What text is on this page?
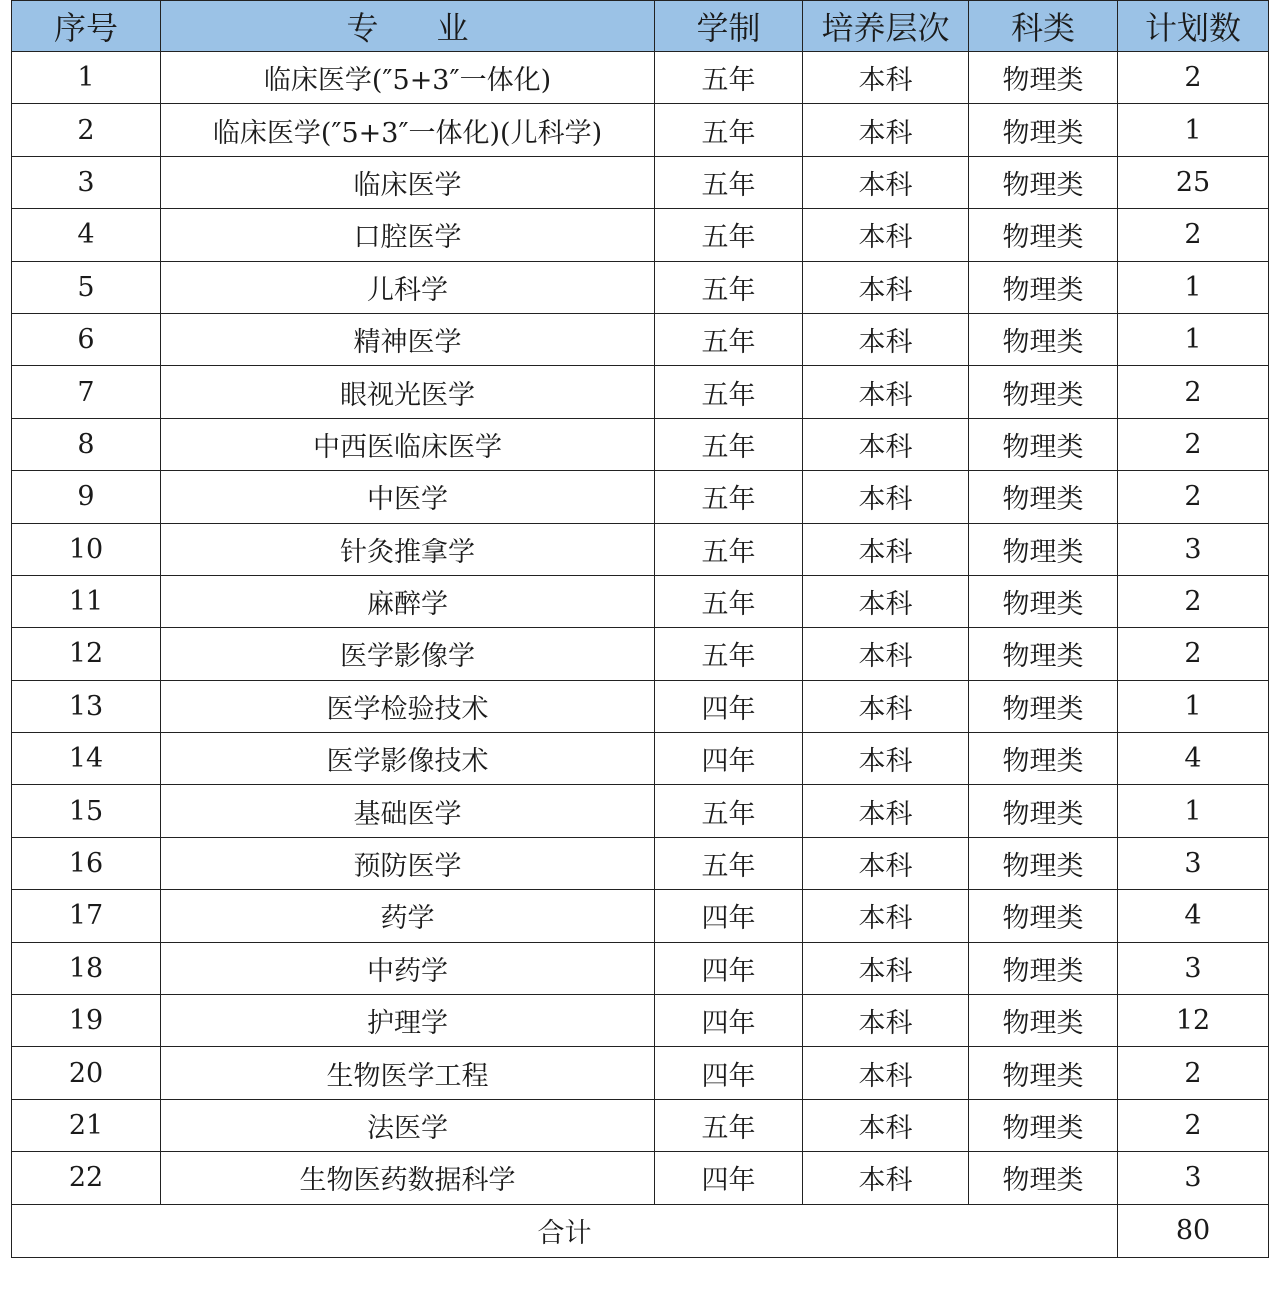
序号	专 业	学制	培养层次	科类	计划数
1	临床医学(″5+3″一体化)	五年	本科	物理类	2
2	临床医学(″5+3″一体化)(儿科学)	五年	本科	物理类	1
3	临床医学	五年	本科	物理类	25
4	口腔医学	五年	本科	物理类	2
5	儿科学	五年	本科	物理类	1
6	精神医学	五年	本科	物理类	1
7	眼视光医学	五年	本科	物理类	2
8	中西医临床医学	五年	本科	物理类	2
9	中医学	五年	本科	物理类	2
10	针灸推拿学	五年	本科	物理类	3
11	麻醉学	五年	本科	物理类	2
12	医学影像学	五年	本科	物理类	2
13	医学检验技术	四年	本科	物理类	1
14	医学影像技术	四年	本科	物理类	4
15	基础医学	五年	本科	物理类	1
16	预防医学	五年	本科	物理类	3
17	药学	四年	本科	物理类	4
18	中药学	四年	本科	物理类	3
19	护理学	四年	本科	物理类	12
20	生物医学工程	四年	本科	物理类	2
21	法医学	五年	本科	物理类	2
22	生物医药数据科学	四年	本科	物理类	3
合计					80
